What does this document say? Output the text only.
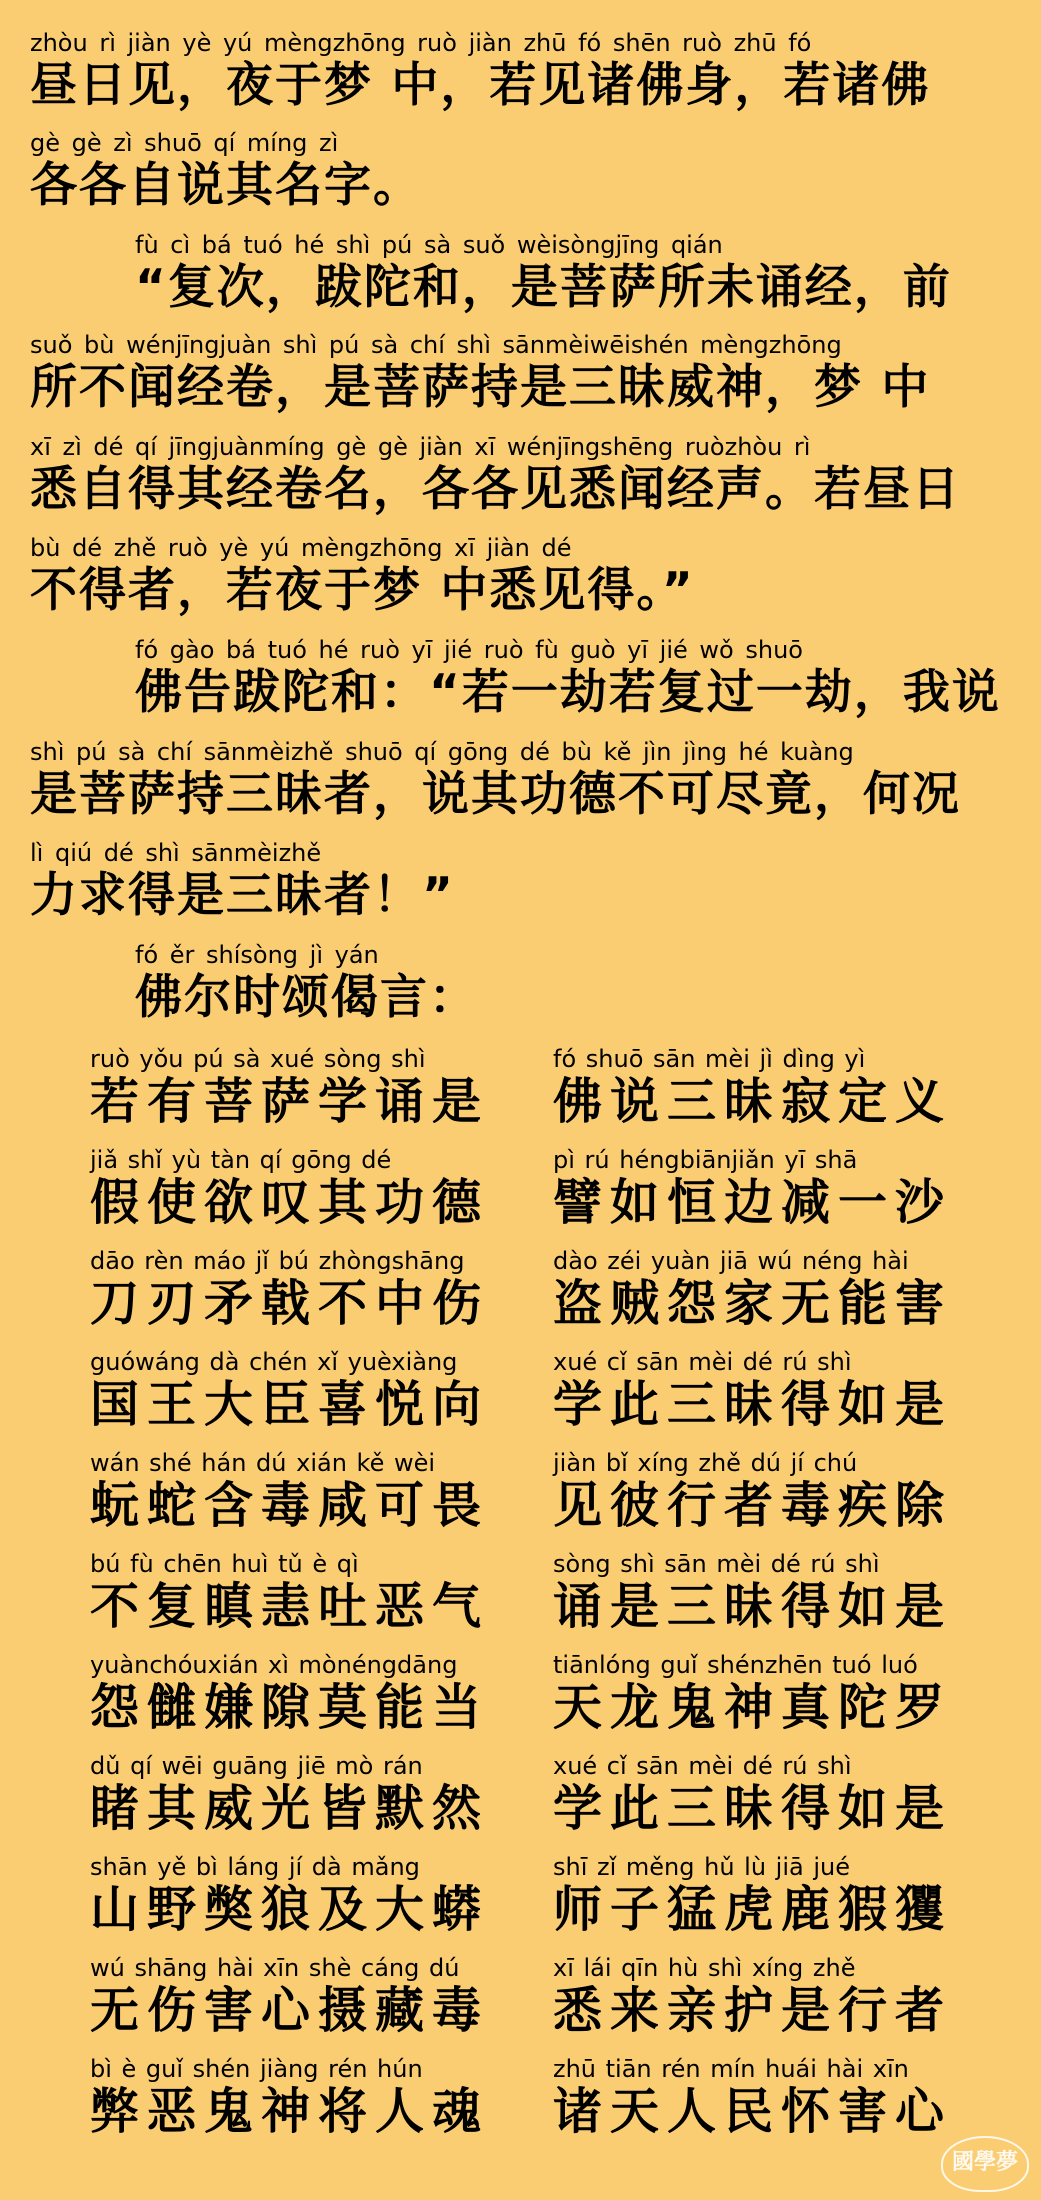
zhòu rì jiàn yè yú mèngzhōng ruò jiàn zhū fó shēn ruò zhū fó
昼日见，夜于梦 中，若见诸佛身，若诸佛
gè gè zì shuō qí míng zì
各各自说其名字。
fù cì bá tuó hé shì pú sà suǒ wèisòngjīng qián
“复次，跋陀和，是菩萨所未诵经，前
suǒ bù wénjīngjuàn shì pú sà chí shì sānmèiwēishén mèngzhōng
所不闻经卷，是菩萨持是三昧威神，梦 中
xī zì dé qí jīngjuànmíng gè gè jiàn xī wénjīngshēng ruòzhòu rì
悉自得其经卷名，各各见悉闻经声。若昼日
bù dé zhě ruò yè yú mèngzhōng xī jiàn dé
不得者，若夜于梦 中悉见得。”
fó gào bá tuó hé ruò yī jié ruò fù guò yī jié wǒ shuō
佛告跋陀和：“若一劫若复过一劫，我说
shì pú sà chí sānmèizhě shuō qí gōng dé bù kě jìn jìng hé kuàng
是菩萨持三昧者，说其功德不可尽竟，何况
lì qiú dé shì sānmèizhě
力求得是三昧者！”
fó ěr shísòng jì yán
佛尔时颂偈言：
ruò yǒu pú sà xué sòng shì
若有菩萨学诵是
fó shuō sān mèi jì dìng yì
佛说三昧寂定义
jiǎ shǐ yù tàn qí gōng dé
假使欲叹其功德
pì rú héngbiānjiǎn yī shā
譬如恒边减一沙
dāo rèn máo jǐ bú zhòngshāng
刀刃矛戟不中伤
dào zéi yuàn jiā wú néng hài
盗贼怨家无能害
guówáng dà chén xǐ yuèxiàng
国王大臣喜悦向
xué cǐ sān mèi dé rú shì
学此三昧得如是
wán shé hán dú xián kě wèi
蚖蛇含毒咸可畏
jiàn bǐ xíng zhě dú jí chú
见彼行者毒疾除
bú fù chēn huì tǔ è qì
不复瞋恚吐恶气
sòng shì sān mèi dé rú shì
诵是三昧得如是
yuànchóuxián xì mònéngdāng
怨雠嫌隙莫能当
tiānlóng guǐ shénzhēn tuó luó
天龙鬼神真陀罗
dǔ qí wēi guāng jiē mò rán
睹其威光皆默然
xué cǐ sān mèi dé rú shì
学此三昧得如是
shān yě bì láng jí dà mǎng
山野獘狼及大蟒
shī zǐ měng hǔ lù jiā jué
师子猛虎鹿猳玃
wú shāng hài xīn shè cáng dú
无伤害心摄藏毒
xī lái qīn hù shì xíng zhě
悉来亲护是行者
bì è guǐ shén jiàng rén hún
弊恶鬼神将人魂
zhū tiān rén mín huái hài xīn
诸天人民怀害心
國學夢
